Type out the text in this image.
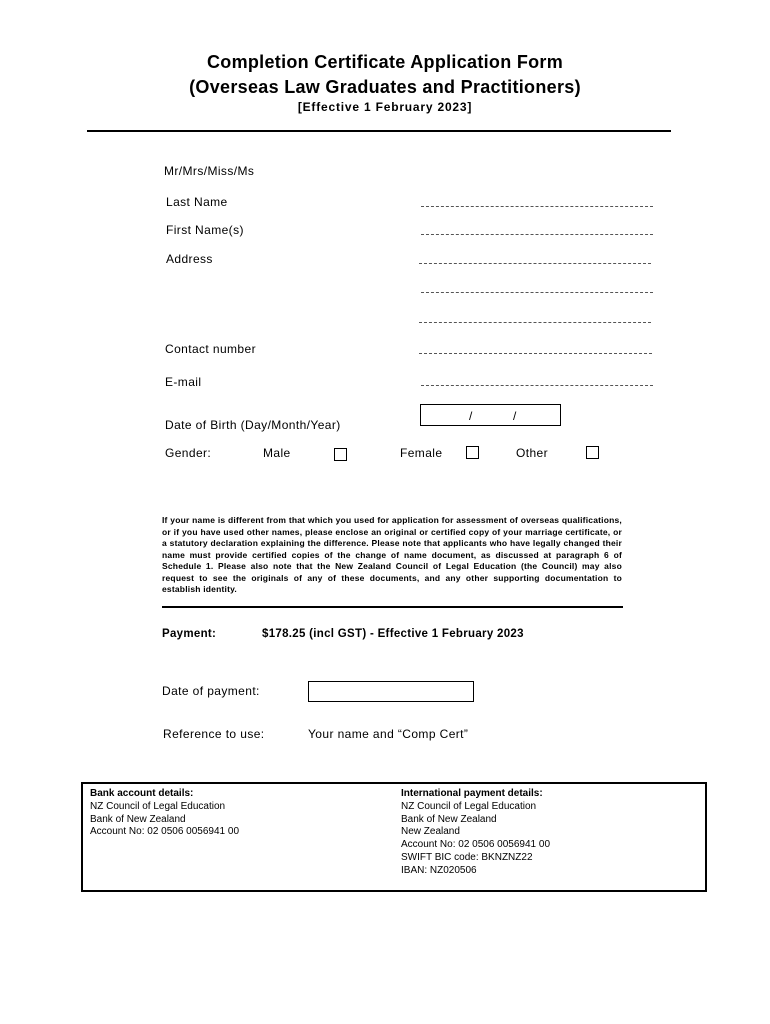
Completion Certificate Application Form
(Overseas Law Graduates and Practitioners)
[Effective 1 February 2023]
Mr/Mrs/Miss/Ms
Last Name
First Name(s)
Address
Contact number
E-mail
Date of Birth (Day/Month/Year)
/	/
Gender:	Male	Female	Other
If your name is different from that which you used for application for assessment of overseas qualifications, or if you have used other names, please enclose an original or certified copy of your marriage certificate, or a statutory declaration explaining the difference. Please note that applicants who have legally changed their name must provide certified copies of the change of name document, as discussed at paragraph 6 of Schedule 1. Please also note that the New Zealand Council of Legal Education (the Council) may also request to see the originals of any of these documents, and any other supporting documentation to establish identity.
Payment:	$178.25 (incl GST) - Effective 1 February 2023
Date of payment:
Reference to use:	Your name and “Comp Cert”
Bank account details:
NZ Council of Legal Education
Bank of New Zealand
Account No: 02 0506 0056941 00
International payment details:
NZ Council of Legal Education
Bank of New Zealand
New Zealand
Account No: 02 0506 0056941 00
SWIFT BIC code: BKNZNZ22
IBAN: NZ020506
